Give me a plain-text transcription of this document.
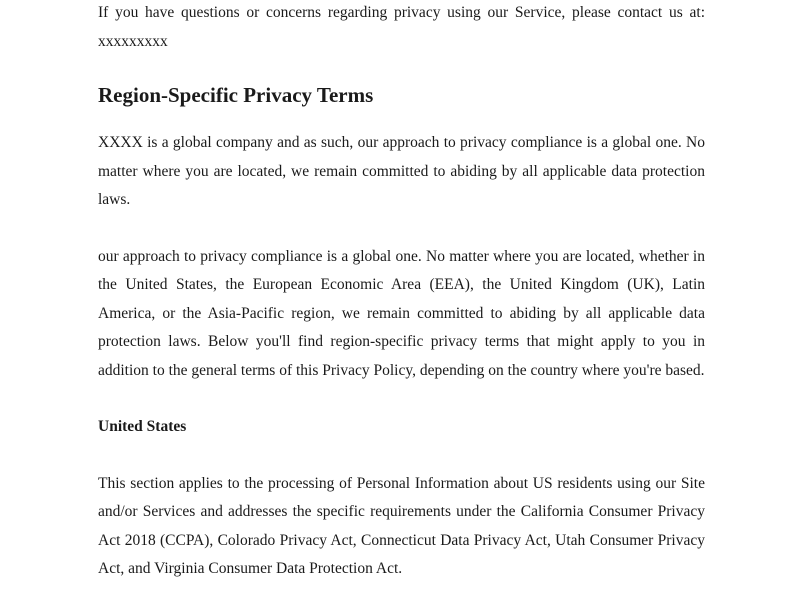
If you have questions or concerns regarding privacy using our Service, please contact us at: xxxxxxxxx

Region-Specific Privacy Terms

XXXX is a global company and as such, our approach to privacy compliance is a global one. No matter where you are located, we remain committed to abiding by all applicable data protection laws.

our approach to privacy compliance is a global one. No matter where you are located, whether in the United States, the European Economic Area (EEA), the United Kingdom (UK), Latin America, or the Asia-Pacific region, we remain committed to abiding by all applicable data protection laws. Below you'll find region-specific privacy terms that might apply to you in addition to the general terms of this Privacy Policy, depending on the country where you're based.

United States

This section applies to the processing of Personal Information about US residents using our Site and/or Services and addresses the specific requirements under the California Consumer Privacy Act 2018 (CCPA), Colorado Privacy Act, Connecticut Data Privacy Act, Utah Consumer Privacy Act, and Virginia Consumer Data Protection Act.
